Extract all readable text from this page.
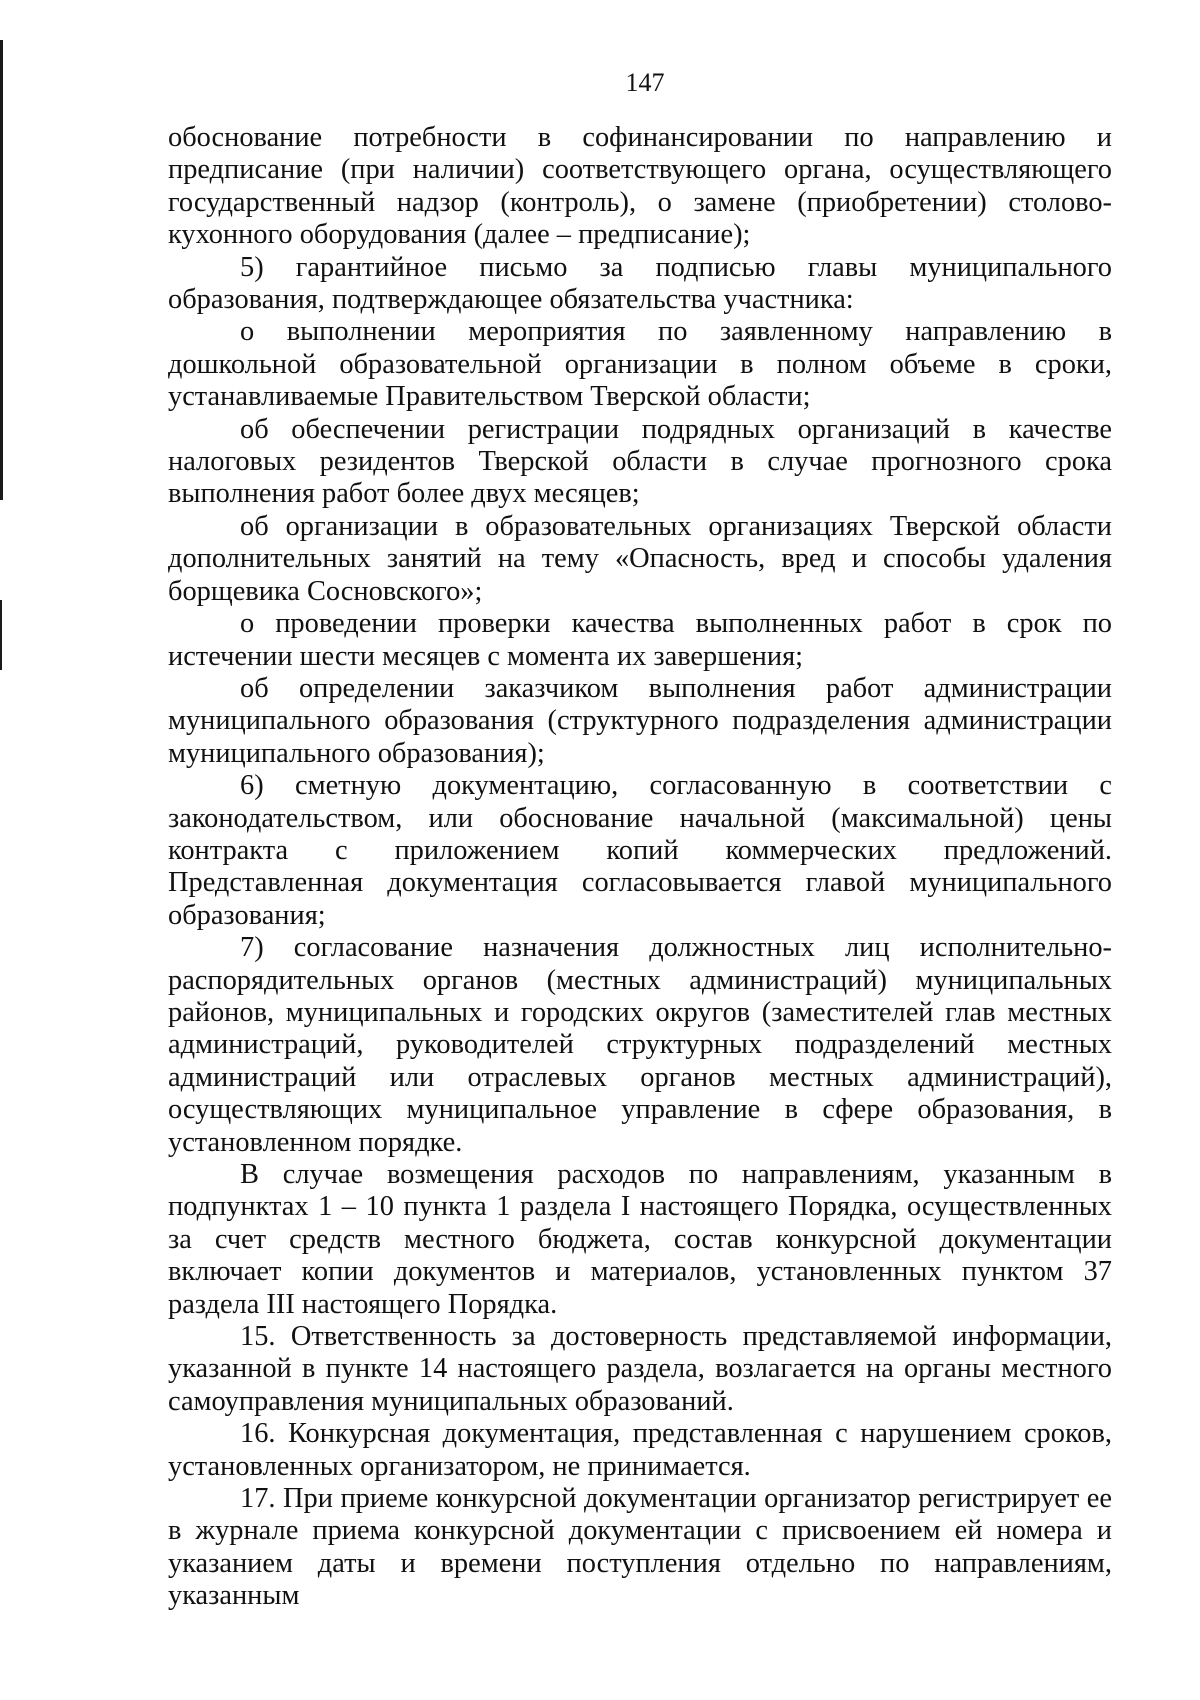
147

обоснование потребности в софинансировании по направлению и предписание (при наличии) соответствующего органа, осуществляющего государственный надзор (контроль), о замене (приобретении) столово-кухонного оборудования (далее – предписание);

5) гарантийное письмо за подписью главы муниципального образования, подтверждающее обязательства участника:

о выполнении мероприятия по заявленному направлению в дошкольной образовательной организации в полном объеме в сроки, устанавливаемые Правительством Тверской области;

об обеспечении регистрации подрядных организаций в качестве налоговых резидентов Тверской области в случае прогнозного срока выполнения работ более двух месяцев;

об организации в образовательных организациях Тверской области дополнительных занятий на тему «Опасность, вред и способы удаления борщевика Сосновского»;

о проведении проверки качества выполненных работ в срок по истечении шести месяцев с момента их завершения;

об определении заказчиком выполнения работ администрации муниципального образования (структурного подразделения администрации муниципального образования);

6) сметную документацию, согласованную в соответствии с законодательством, или обоснование начальной (максимальной) цены контракта с приложением копий коммерческих предложений. Представленная документация согласовывается главой муниципального образования;

7) согласование назначения должностных лиц исполнительно-распорядительных органов (местных администраций) муниципальных районов, муниципальных и городских округов (заместителей глав местных администраций, руководителей структурных подразделений местных администраций или отраслевых органов местных администраций), осуществляющих муниципальное управление в сфере образования, в установленном порядке.

В случае возмещения расходов по направлениям, указанным в подпунктах 1 – 10 пункта 1 раздела I настоящего Порядка, осуществленных за счет средств местного бюджета, состав конкурсной документации включает копии документов и материалов, установленных пунктом 37 раздела III настоящего Порядка.

15. Ответственность за достоверность представляемой информации, указанной в пункте 14 настоящего раздела, возлагается на органы местного самоуправления муниципальных образований.

16. Конкурсная документация, представленная с нарушением сроков, установленных организатором, не принимается.

17. При приеме конкурсной документации организатор регистрирует ее в журнале приема конкурсной документации с присвоением ей номера и указанием даты и времени поступления отдельно по направлениям, указанным
